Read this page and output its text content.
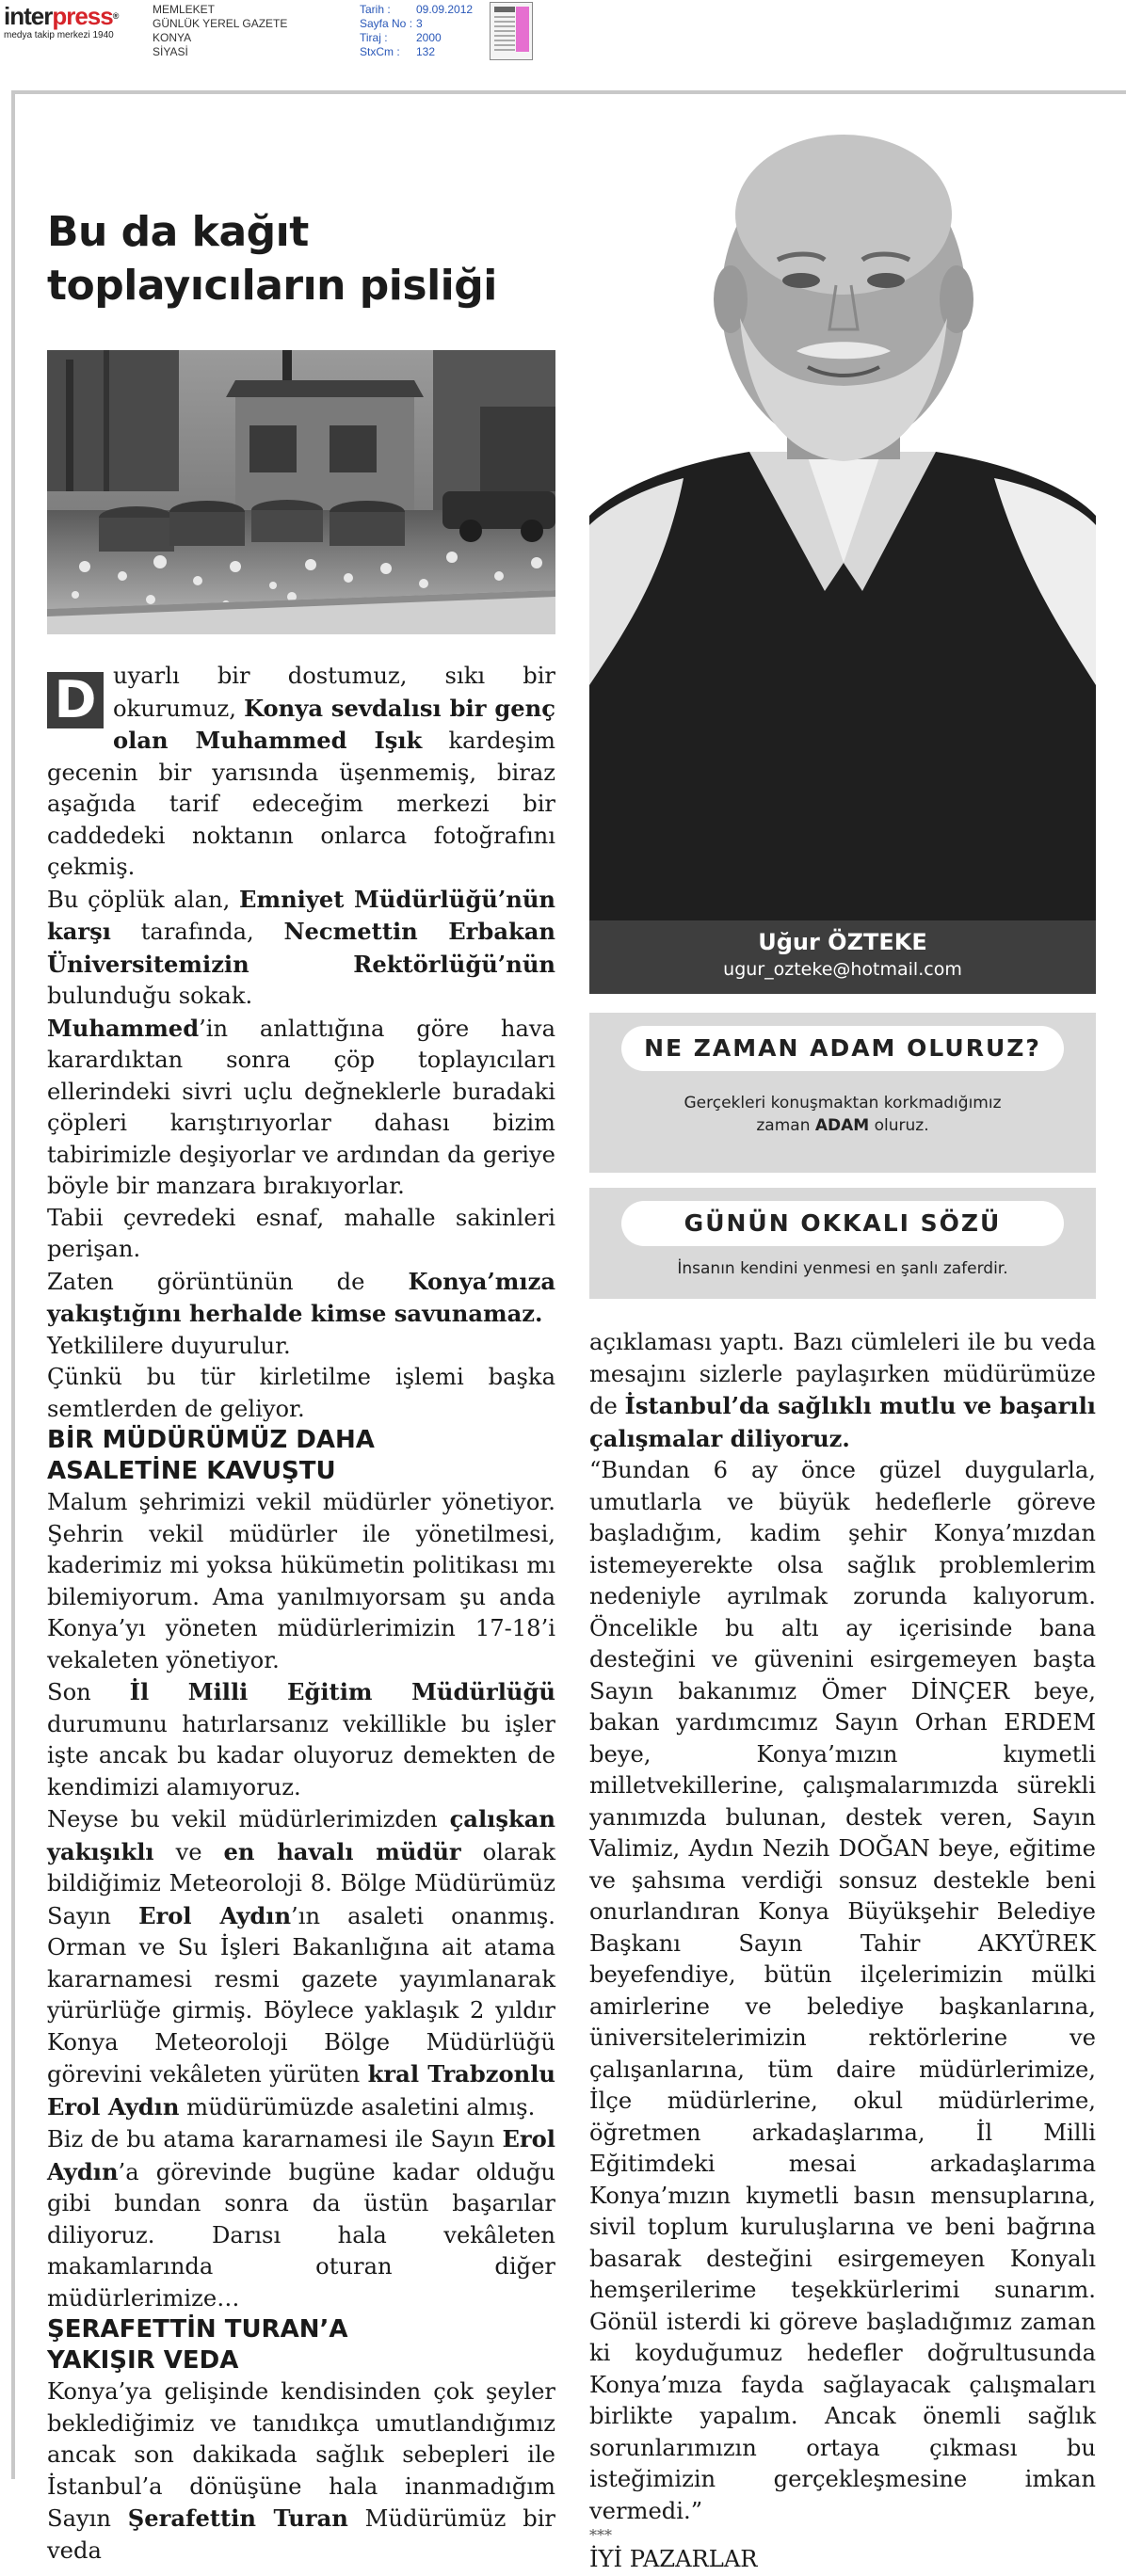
interpress®
medya takip merkezi 1940
MEMLEKET
GÜNLÜK YEREL GAZETE
KONYA
SİYASİ
Tarih :	09.09.2012
Sayfa No : 3
Tiraj :	2000
StxCm :	132
Bu da kağıt
toplayıcıların pisliği

D uyarlı bir dostumuz, sıkı bir okurumuz, Konya sevdalısı bir genç olan Muhammed Işık kardeşim gecenin bir yarısında üşenmemiş, biraz aşağıda tarif edeceğim merkezi bir caddedeki noktanın onlarca fotoğrafını çekmiş.

Bu çöplük alan, Emniyet Müdürlüğü’nün karşı tarafında, Necmettin Erbakan Üniversitemizin Rektörlüğü’nün bulunduğu sokak.

Muhammed’in anlattığına göre hava karardıktan sonra çöp toplayıcıları ellerindeki sivri uçlu değneklerle buradaki çöpleri karıştırıyorlar dahası bizim tabirimizle deşiyorlar ve ardından da geriye böyle bir manzara bırakıyorlar.

Tabii çevredeki esnaf, mahalle sakinleri perişan.

Zaten görüntünün de Konya’mıza yakıştığını herhalde kimse savunamaz.

Yetkililere duyurulur.

Çünkü bu tür kirletilme işlemi başka semtlerden de geliyor.

BİR MÜDÜRÜMÜZ DAHA
ASALETİNE KAVUŞTU

Malum şehrimizi vekil müdürler yönetiyor. Şehrin vekil müdürler ile yönetilmesi, kaderimiz mi yoksa hükümetin politikası mı bilemiyorum. Ama yanılmıyorsam şu anda Konya’yı yöneten müdürlerimizin 17-18’i vekaleten yönetiyor.

Son İl Milli Eğitim Müdürlüğü durumunu hatırlarsanız vekillikle bu işler işte ancak bu kadar oluyoruz demekten de kendimizi alamıyoruz.

Neyse bu vekil müdürlerimizden çalışkan yakışıklı ve en havalı müdür olarak bildiğimiz Meteoroloji 8. Bölge Müdürümüz Sayın Erol Aydın’ın asaleti onanmış. Orman ve Su İşleri Bakanlığına ait atama kararnamesi resmi gazete yayımlanarak yürürlüğe girmiş. Böylece yaklaşık 2 yıldır Konya Meteoroloji Bölge Müdürlüğü görevini vekâleten yürüten kral Trabzonlu Erol Aydın müdürümüzde asaletini almış.

Biz de bu atama kararnamesi ile Sayın Erol Aydın’a görevinde bugüne kadar olduğu gibi bundan sonra da üstün başarılar diliyoruz. Darısı hala vekâleten makamlarında oturan diğer müdürlerimize…

ŞERAFETTİN TURAN’A
YAKIŞIR VEDA

Konya’ya gelişinde kendisinden çok şeyler beklediğimiz ve tanıdıkça umutlandığımız ancak son dakikada sağlık sebepleri ile İstanbul’a dönüşüne hala inanmadığım Sayın Şerafettin Turan Müdürümüz bir veda

Uğur ÖZTEKE
ugur_ozteke@hotmail.com
NE ZAMAN ADAM OLURUZ?
Gerçekleri konuşmaktan korkmadığımız
zaman ADAM oluruz.
GÜNÜN OKKALI SÖZÜ
İnsanın kendini yenmesi en şanlı zaferdir.

açıklaması yaptı. Bazı cümleleri ile bu veda mesajını sizlerle paylaşırken müdürümüze de İstanbul’da sağlıklı mutlu ve başarılı çalışmalar diliyoruz.

“Bundan 6 ay önce güzel duygularla, umutlarla ve büyük hedeflerle göreve başladığım, kadim şehir Konya’mızdan istemeyerekte olsa sağlık problemlerim nedeniyle ayrılmak zorunda kalıyorum. Öncelikle bu altı ay içerisinde bana desteğini ve güvenini esirgemeyen başta Sayın bakanımız Ömer DİNÇER beye, bakan yardımcımız Sayın Orhan ERDEM beye, Konya’mızın kıymetli milletvekillerine, çalışmalarımızda sürekli yanımızda bulunan, destek veren, Sayın Valimiz, Aydın Nezih DOĞAN beye, eğitime ve şahsıma verdiği sonsuz destekle beni onurlandıran Konya Büyükşehir Belediye Başkanı Sayın Tahir AKYÜREK beyefendiye, bütün ilçelerimizin mülki amirlerine ve belediye başkanlarına, üniversitelerimizin rektörlerine ve çalışanlarına, tüm daire müdürlerimize, İlçe müdürlerine, okul müdürlerime, öğretmen arkadaşlarıma, İl Milli Eğitimdeki mesai arkadaşlarıma Konya’mızın kıymetli basın mensuplarına, sivil toplum kuruluşlarına ve beni bağrına basarak desteğini esirgemeyen Konyalı hemşerilerime teşekkürlerimi sunarım. Gönül isterdi ki göreve başladığımız zaman ki koyduğumuz hedefler doğrultusunda Konya’mıza fayda sağlayacak çalışmaları birlikte yapalım. Ancak önemli sağlık sorunlarımızın ortaya çıkması bu isteğimizin gerçekleşmesine imkan vermedi.”

***

İYİ PAZARLAR
